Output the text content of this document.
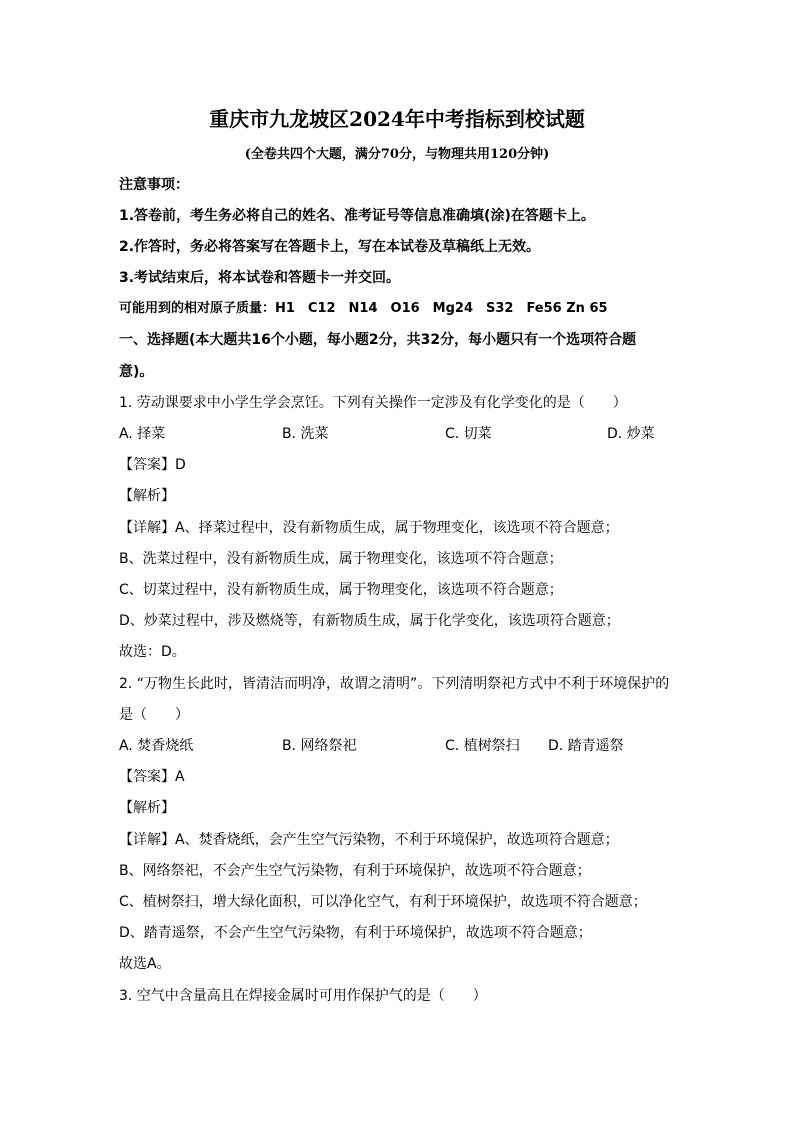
重庆市九龙坡区2024年中考指标到校试题
(全卷共四个大题，满分70分，与物理共用120分钟)
注意事项：
1.答卷前，考生务必将自己的姓名、准考证号等信息准确填(涂)在答题卡上。
2.作答时，务必将答案写在答题卡上，写在本试卷及草稿纸上无效。
3.考试结束后，将本试卷和答题卡一并交回。
可能用到的相对原子质量：H1　C12　N14　O16　Mg24　S32　Fe56 Zn 65
一、选择题(本大题共16个小题，每小题2分，共32分，每小题只有一个选项符合题
意)。
1. 劳动课要求中小学生学会烹饪。下列有关操作一定涉及有化学变化的是（　　）
A. 择菜	B. 洗菜	C. 切菜	D. 炒菜
【答案】D
【解析】
【详解】A、择菜过程中，没有新物质生成，属于物理变化，该选项不符合题意；
B、洗菜过程中，没有新物质生成，属于物理变化，该选项不符合题意；
C、切菜过程中，没有新物质生成，属于物理变化，该选项不符合题意；
D、炒菜过程中，涉及燃烧等，有新物质生成，属于化学变化，该选项符合题意；
故选：D。
2. “万物生长此时，皆清洁而明净，故谓之清明”。下列清明祭祀方式中不利于环境保护的
是（　　）
A. 焚香烧纸	B. 网络祭祀	C. 植树祭扫 D. 踏青遥祭
【答案】A
【解析】
【详解】A、焚香烧纸，会产生空气污染物，不利于环境保护，故选项符合题意；
B、网络祭祀，不会产生空气污染物，有利于环境保护，故选项不符合题意；
C、植树祭扫，增大绿化面积，可以净化空气，有利于环境保护，故选项不符合题意；
D、踏青遥祭，不会产生空气污染物，有利于环境保护，故选项不符合题意；
故选A。
3. 空气中含量高且在焊接金属时可用作保护气的是（　　）
